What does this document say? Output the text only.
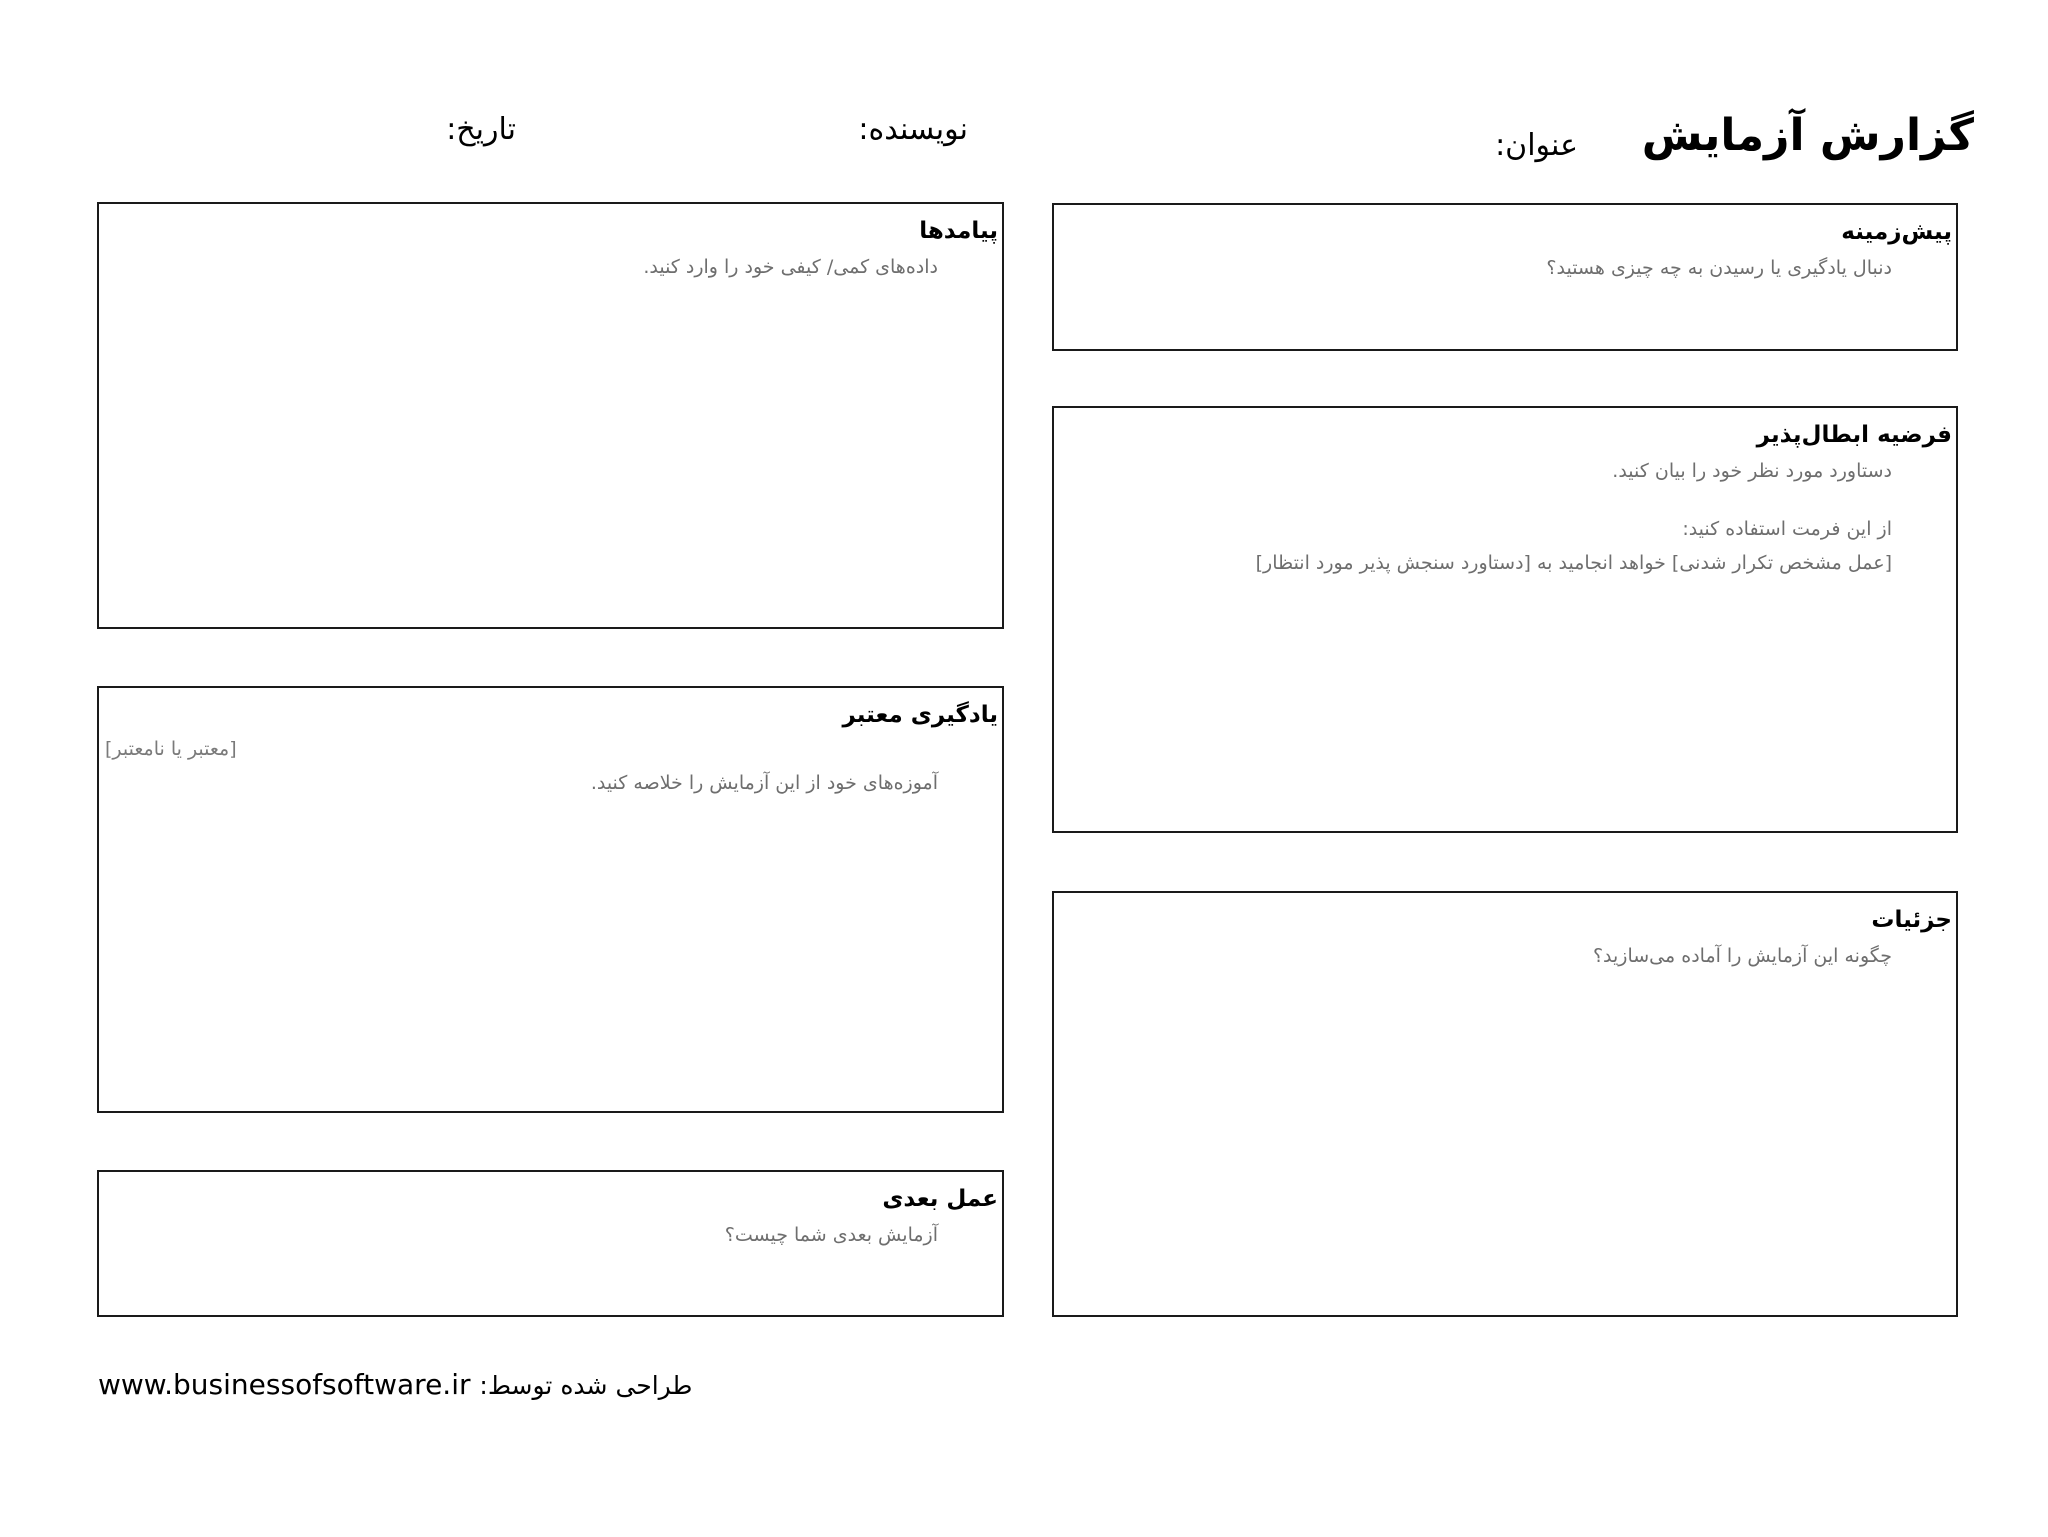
گزارش آزمایش
عنوان:
نویسنده:
تاریخ:
پیش‌زمینه
دنبال یادگیری یا رسیدن به چه چیزی هستید؟
فرضیه ابطال‌پذیر
دستاورد مورد نظر خود را بیان کنید.
از این فرمت استفاده کنید:
[عمل مشخص تکرار شدنی] خواهد انجامید به [دستاورد سنجش پذیر مورد انتظار]
جزئیات
چگونه این آزمایش را آماده می‌سازید؟
پیامدها
داده‌های کمی/ کیفی خود را وارد کنید.
یادگیری معتبر
[معتبر یا نامعتبر]
آموزه‌های خود از این آزمایش را خلاصه کنید.
عمل بعدی
آزمایش بعدی شما چیست؟
www.businessofsoftware.ir طراحی شده توسط:
